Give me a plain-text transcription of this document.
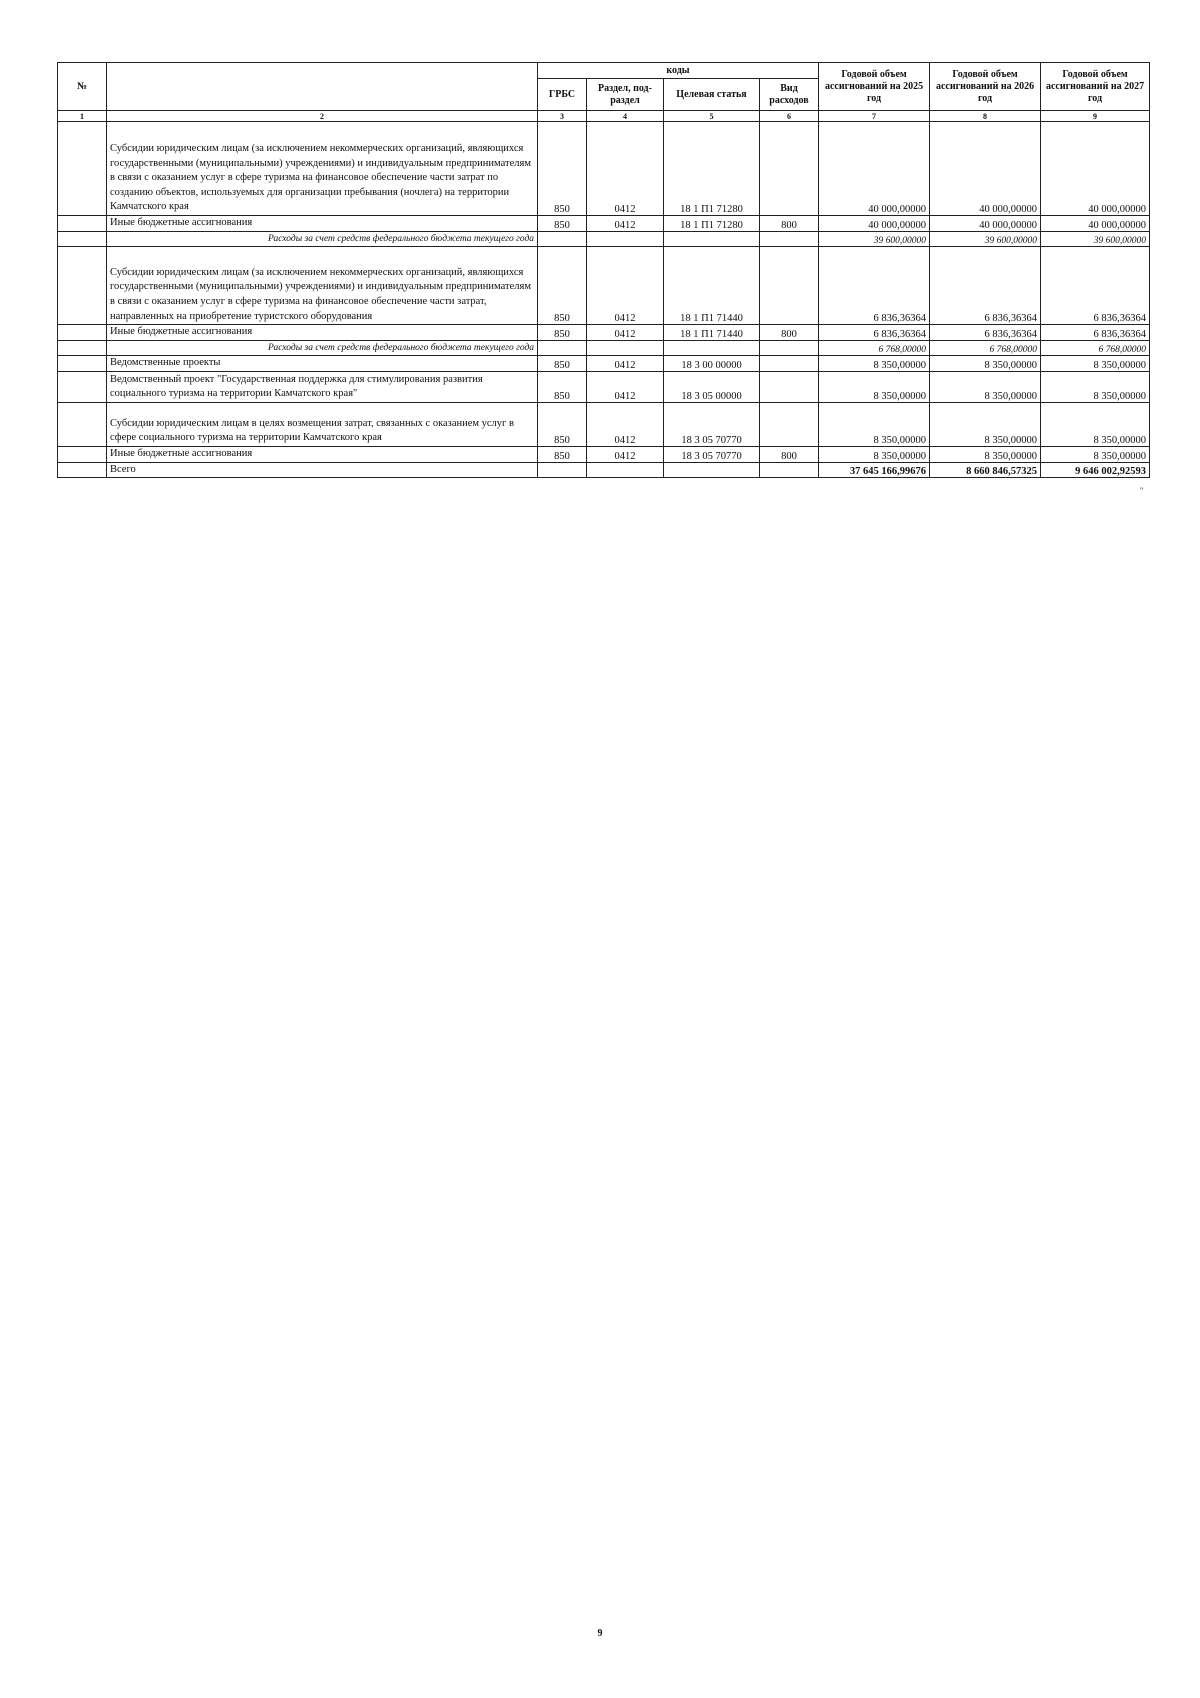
№		коды				Годовой объем ассигнований на 2025 год	Годовой объем ассигнований на 2026 год	Годовой объем ассигнований на 2027 год
		ГРБС	Раздел, под-раздел	Целевая статья	Вид расходов			
1	2	3	4	5	6	7	8	9
	Субсидии юридическим лицам (за исключением некоммерческих организаций, являющихся государственными (муниципальными) учреждениями) и индивидуальным предпринимателям в связи с оказанием услуг в сфере туризма на финансовое обеспечение части затрат по созданию объектов, используемых для организации пребывания (ночлега) на территории Камчатского края	850	0412	18 1 П1 71280		40 000,00000	40 000,00000	40 000,00000
	Иные бюджетные ассигнования	850	0412	18 1 П1 71280	800	40 000,00000	40 000,00000	40 000,00000
	Расходы за счет средств федерального бюджета текущего года					39 600,00000	39 600,00000	39 600,00000
	Субсидии юридическим лицам (за исключением некоммерческих организаций, являющихся государственными (муниципальными) учреждениями) и индивидуальным предпринимателям в связи с оказанием услуг в сфере туризма на финансовое обеспечение части затрат, направленных на приобретение туристского оборудования	850	0412	18 1 П1 71440		6 836,36364	6 836,36364	6 836,36364
	Иные бюджетные ассигнования	850	0412	18 1 П1 71440	800	6 836,36364	6 836,36364	6 836,36364
	Расходы за счет средств федерального бюджета текущего года					6 768,00000	6 768,00000	6 768,00000
	Ведомственные проекты	850	0412	18 3 00 00000		8 350,00000	8 350,00000	8 350,00000
	Ведомственный проект "Государственная поддержка для стимулирования развития социального туризма на территории Камчатского края"	850	0412	18 3 05 00000		8 350,00000	8 350,00000	8 350,00000
	Субсидии юридическим лицам в целях возмещения затрат, связанных с оказанием услуг в сфере социального туризма на территории Камчатского края	850	0412	18 3 05 70770		8 350,00000	8 350,00000	8 350,00000
	Иные бюджетные ассигнования	850	0412	18 3 05 70770	800	8 350,00000	8 350,00000	8 350,00000
	Всего					37 645 166,99676	8 660 846,57325	9 646 002,92593
"
9
